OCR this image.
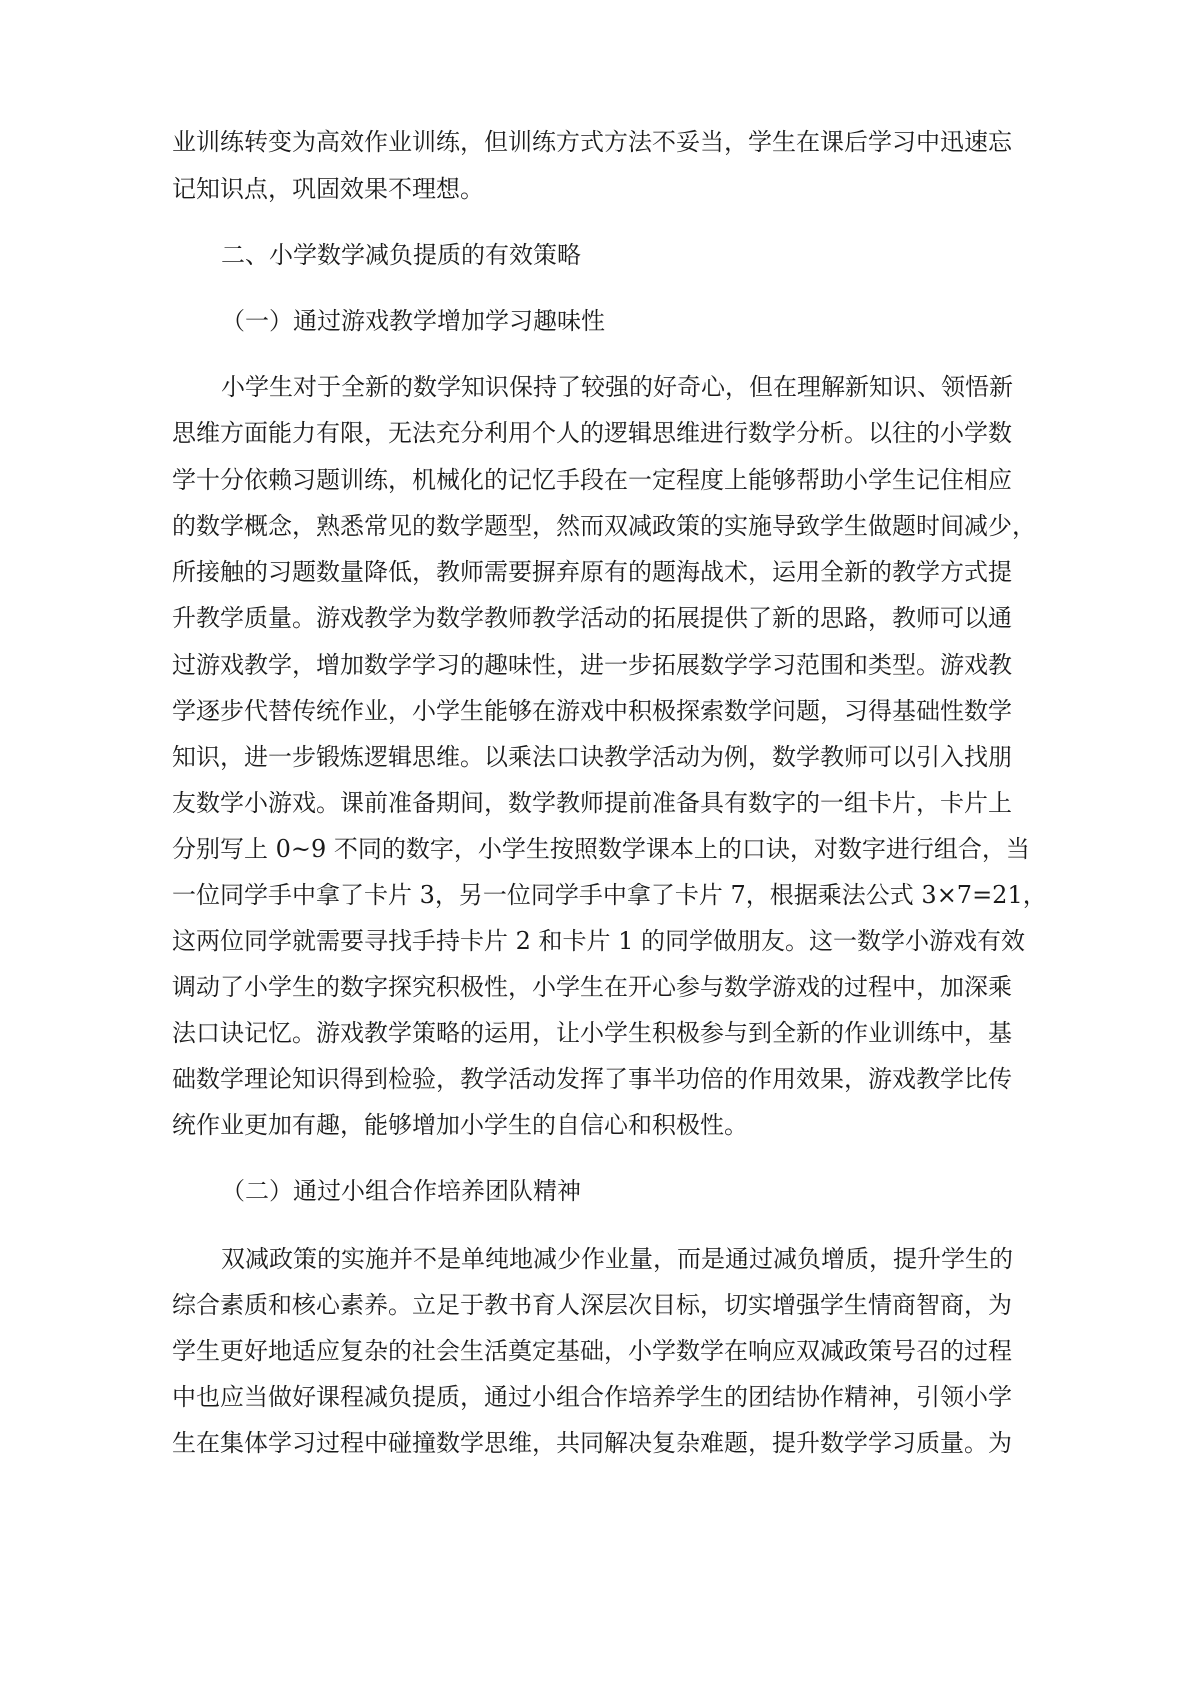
业训练转变为高效作业训练，但训练方式方法不妥当，学生在课后学习中迅速忘

记知识点，巩固效果不理想。

二、小学数学减负提质的有效策略

（一）通过游戏教学增加学习趣味性

小学生对于全新的数学知识保持了较强的好奇心，但在理解新知识、领悟新

思维方面能力有限，无法充分利用个人的逻辑思维进行数学分析。以往的小学数

学十分依赖习题训练，机械化的记忆手段在一定程度上能够帮助小学生记住相应

的数学概念，熟悉常见的数学题型，然而双减政策的实施导致学生做题时间减少，

所接触的习题数量降低，教师需要摒弃原有的题海战术，运用全新的教学方式提

升教学质量。游戏教学为数学教师教学活动的拓展提供了新的思路，教师可以通

过游戏教学，增加数学学习的趣味性，进一步拓展数学学习范围和类型。游戏教

学逐步代替传统作业，小学生能够在游戏中积极探索数学问题，习得基础性数学

知识，进一步锻炼逻辑思维。以乘法口诀教学活动为例，数学教师可以引入找朋

友数学小游戏。课前准备期间，数学教师提前准备具有数字的一组卡片，卡片上

分别写上 0~9 不同的数字，小学生按照数学课本上的口诀，对数字进行组合，当

一位同学手中拿了卡片 3，另一位同学手中拿了卡片 7，根据乘法公式 3×7=21，

这两位同学就需要寻找手持卡片 2 和卡片 1 的同学做朋友。这一数学小游戏有效

调动了小学生的数字探究积极性，小学生在开心参与数学游戏的过程中，加深乘

法口诀记忆。游戏教学策略的运用，让小学生积极参与到全新的作业训练中，基

础数学理论知识得到检验，教学活动发挥了事半功倍的作用效果，游戏教学比传

统作业更加有趣，能够增加小学生的自信心和积极性。

（二）通过小组合作培养团队精神

双减政策的实施并不是单纯地减少作业量，而是通过减负增质，提升学生的

综合素质和核心素养。立足于教书育人深层次目标，切实增强学生情商智商，为

学生更好地适应复杂的社会生活奠定基础，小学数学在响应双减政策号召的过程

中也应当做好课程减负提质，通过小组合作培养学生的团结协作精神，引领小学

生在集体学习过程中碰撞数学思维，共同解决复杂难题，提升数学学习质量。为
